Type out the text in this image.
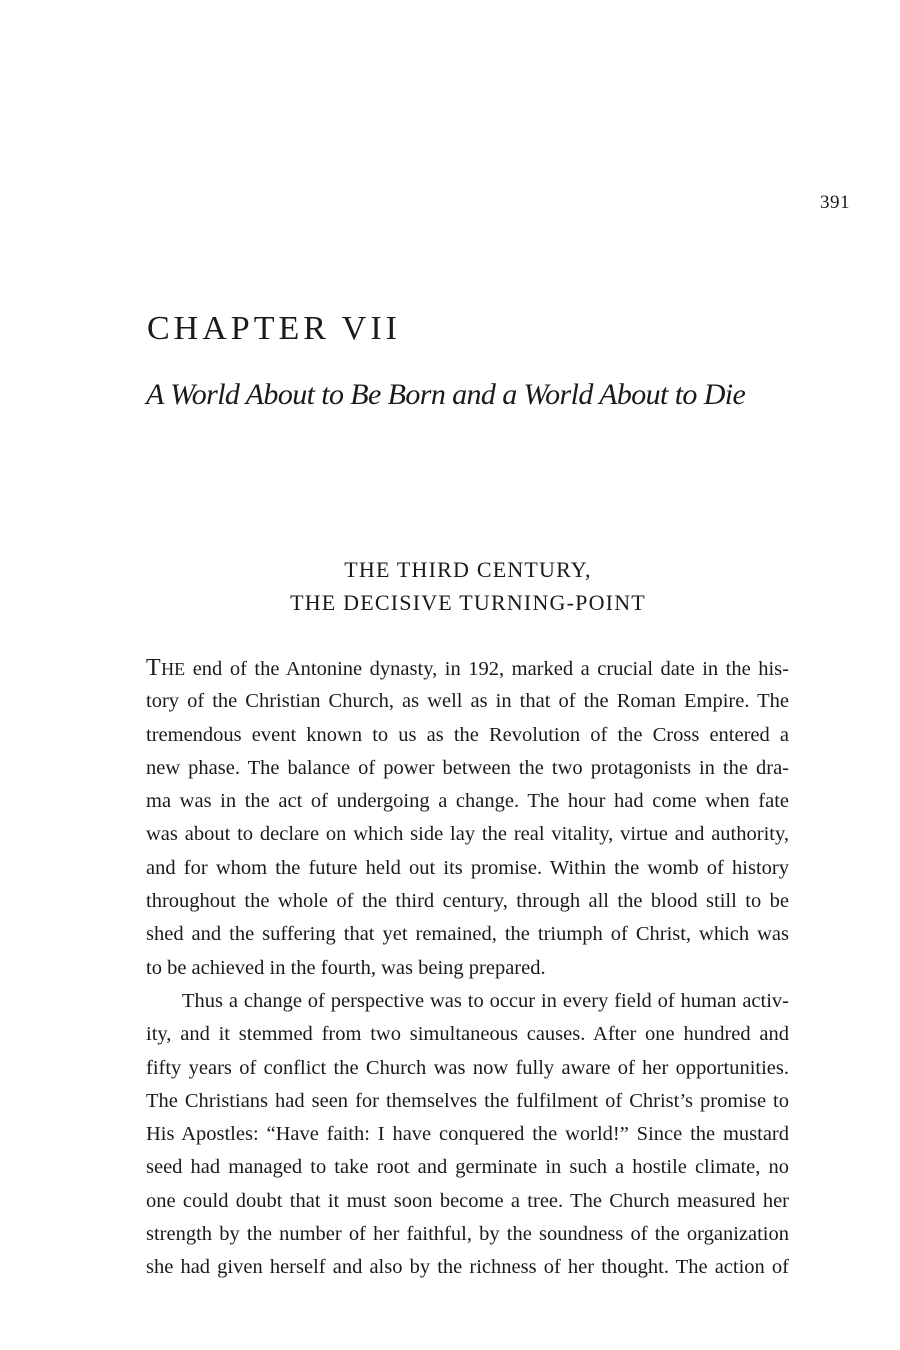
391
CHAPTER VII
A World About to Be Born and a World About to Die
THE THIRD CENTURY,
THE DECISIVE TURNING-POINT
THE end of the Antonine dynasty, in 192, marked a crucial date in the his-
tory of the Christian Church, as well as in that of the Roman Empire. The
tremendous event known to us as the Revolution of the Cross entered a
new phase. The balance of power between the two protagonists in the dra-
ma was in the act of undergoing a change. The hour had come when fate
was about to declare on which side lay the real vitality, virtue and authority,
and for whom the future held out its promise. Within the womb of history
throughout the whole of the third century, through all the blood still to be
shed and the suffering that yet remained, the triumph of Christ, which was
to be achieved in the fourth, was being prepared.
Thus a change of perspective was to occur in every field of human activ-
ity, and it stemmed from two simultaneous causes. After one hundred and
fifty years of conflict the Church was now fully aware of her opportunities.
The Christians had seen for themselves the fulfilment of Christ’s promise to
His Apostles: “Have faith: I have conquered the world!” Since the mustard
seed had managed to take root and germinate in such a hostile climate, no
one could doubt that it must soon become a tree. The Church measured her
strength by the number of her faithful, by the soundness of the organization
she had given herself and also by the richness of her thought. The action of
